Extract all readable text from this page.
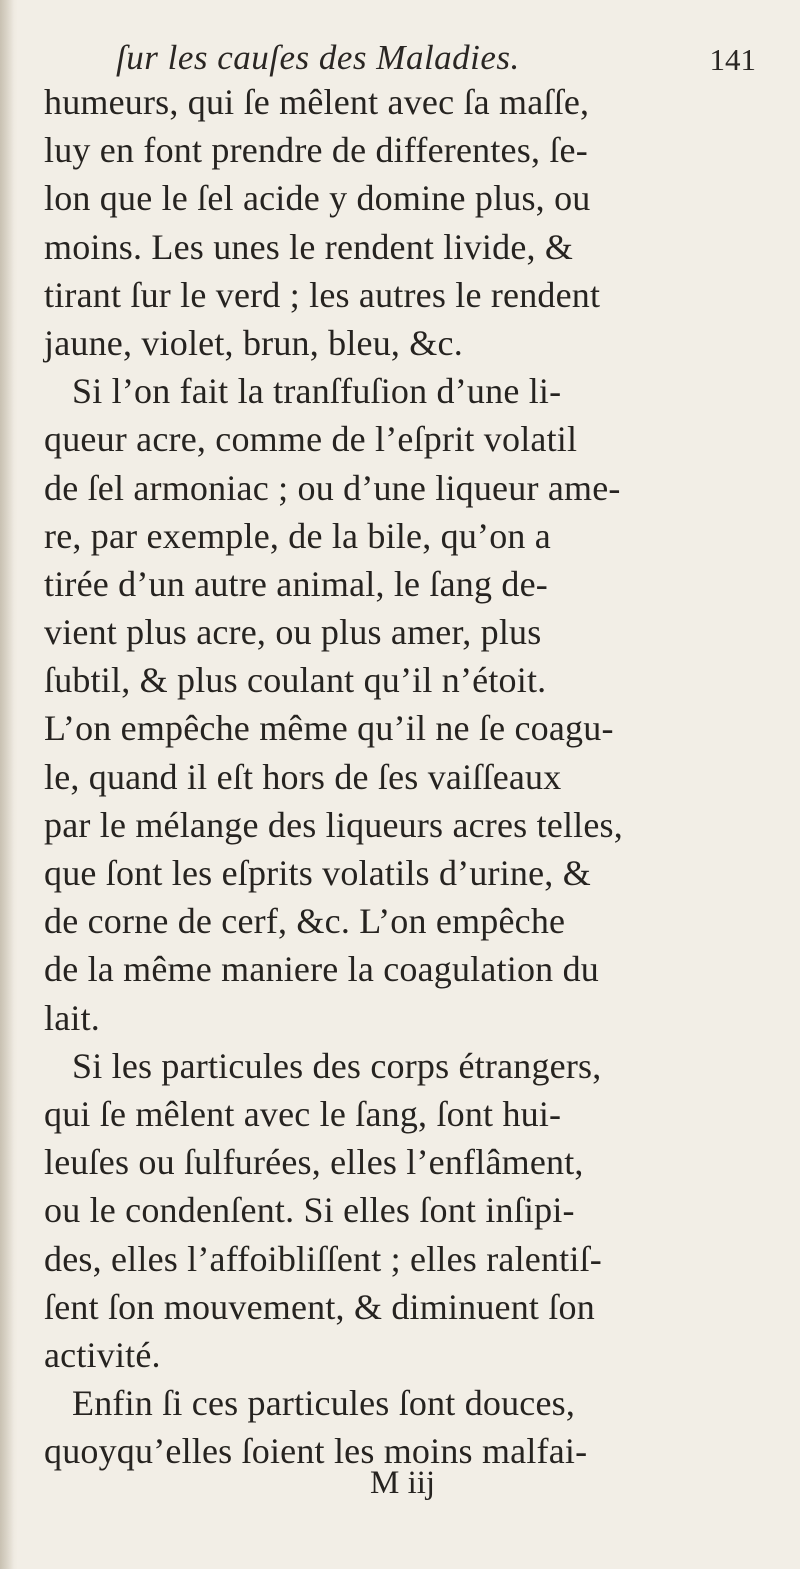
ſur les cauſes des Maladies.	141
humeurs, qui ſe mêlent avec ſa maſſe,
luy en font prendre de differentes, ſe-
lon que le ſel acide y domine plus, ou
moins. Les unes le rendent livide, &
tirant ſur le verd ; les autres le rendent
jaune, violet, brun, bleu, &c.
Si l’on fait la tranſfuſion d’une li-
queur acre, comme de l’eſprit volatil
de ſel armoniac ; ou d’une liqueur ame-
re, par exemple, de la bile, qu’on a
tirée d’un autre animal, le ſang de-
vient plus acre, ou plus amer, plus
ſubtil, & plus coulant qu’il n’étoit.
L’on empêche même qu’il ne ſe coagu-
le, quand il eſt hors de ſes vaiſſeaux
par le mélange des liqueurs acres telles,
que ſont les eſprits volatils d’urine, &
de corne de cerf, &c. L’on empêche
de la même maniere la coagulation du
lait.
Si les particules des corps étrangers,
qui ſe mêlent avec le ſang, ſont hui-
leuſes ou ſulfurées, elles l’enflâment,
ou le condenſent. Si elles ſont inſipi-
des, elles l’affoibliſſent ; elles ralentiſ-
ſent ſon mouvement, & diminuent ſon
activité.
Enfin ſi ces particules ſont douces,
quoyqu’elles ſoient les moins malfai-
M iij
